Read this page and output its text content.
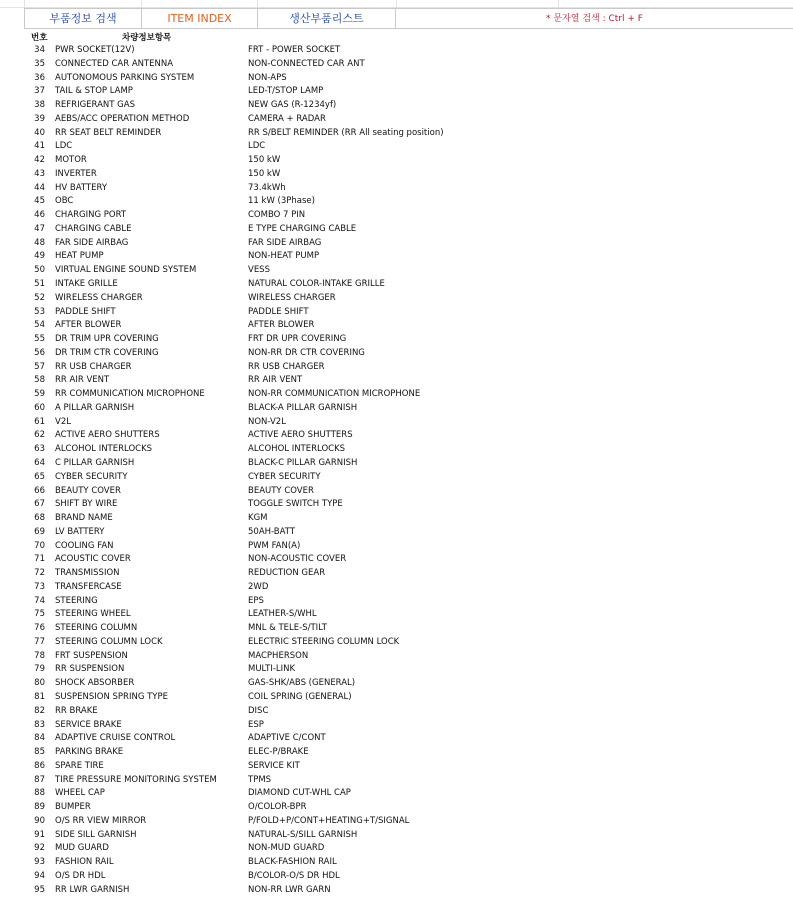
부품정보 검색	ITEM INDEX	생산부품리스트	* 문자열 검색 : Ctrl + F
번호	차량정보항목
34 PWR SOCKET(12V)	FRT - POWER SOCKET
35 CONNECTED CAR ANTENNA	NON-CONNECTED CAR ANT
36 AUTONOMOUS PARKING SYSTEM	NON-APS
37 TAIL & STOP LAMP	LED-T/STOP LAMP
38 REFRIGERANT GAS	NEW GAS (R-1234yf)
39 AEBS/ACC OPERATION METHOD	CAMERA + RADAR
40 RR SEAT BELT REMINDER	RR S/BELT REMINDER (RR All seating position)
41 LDC	LDC
42 MOTOR	150 kW
43 INVERTER	150 kW
44 HV BATTERY	73.4kWh
45 OBC	11 kW (3Phase)
46 CHARGING PORT	COMBO 7 PIN
47 CHARGING CABLE	E TYPE CHARGING CABLE
48 FAR SIDE AIRBAG	FAR SIDE AIRBAG
49 HEAT PUMP	NON-HEAT PUMP
50 VIRTUAL ENGINE SOUND SYSTEM	VESS
51 INTAKE GRILLE	NATURAL COLOR-INTAKE GRILLE
52 WIRELESS CHARGER	WIRELESS CHARGER
53 PADDLE SHIFT	PADDLE SHIFT
54 AFTER BLOWER	AFTER BLOWER
55 DR TRIM UPR COVERING	FRT DR UPR COVERING
56 DR TRIM CTR COVERING	NON-RR DR CTR COVERING
57 RR USB CHARGER	RR USB CHARGER
58 RR AIR VENT	RR AIR VENT
59 RR COMMUNICATION MICROPHONE	NON-RR COMMUNICATION MICROPHONE
60 A PILLAR GARNISH	BLACK-A PILLAR GARNISH
61 V2L	NON-V2L
62 ACTIVE AERO SHUTTERS	ACTIVE AERO SHUTTERS
63 ALCOHOL INTERLOCKS	ALCOHOL INTERLOCKS
64 C PILLAR GARNISH	BLACK-C PILLAR GARNISH
65 CYBER SECURITY	CYBER SECURITY
66 BEAUTY COVER	BEAUTY COVER
67 SHIFT BY WIRE	TOGGLE SWITCH TYPE
68 BRAND NAME	KGM
69 LV BATTERY	50AH-BATT
70 COOLING FAN	PWM FAN(A)
71 ACOUSTIC COVER	NON-ACOUSTIC COVER
72 TRANSMISSION	REDUCTION GEAR
73 TRANSFERCASE	2WD
74 STEERING	EPS
75 STEERING WHEEL	LEATHER-S/WHL
76 STEERING COLUMN	MNL & TELE-S/TILT
77 STEERING COLUMN LOCK	ELECTRIC STEERING COLUMN LOCK
78 FRT SUSPENSION	MACPHERSON
79 RR SUSPENSION	MULTI-LINK
80 SHOCK ABSORBER	GAS-SHK/ABS (GENERAL)
81 SUSPENSION SPRING TYPE	COIL SPRING (GENERAL)
82 RR BRAKE	DISC
83 SERVICE BRAKE	ESP
84 ADAPTIVE CRUISE CONTROL	ADAPTIVE C/CONT
85 PARKING BRAKE	ELEC-P/BRAKE
86 SPARE TIRE	SERVICE KIT
87 TIRE PRESSURE MONITORING SYSTEM	TPMS
88 WHEEL CAP	DIAMOND CUT-WHL CAP
89 BUMPER	O/COLOR-BPR
90 O/S RR VIEW MIRROR	P/FOLD+P/CONT+HEATING+T/SIGNAL
91 SIDE SILL GARNISH	NATURAL-S/SILL GARNISH
92 MUD GUARD	NON-MUD GUARD
93 FASHION RAIL	BLACK-FASHION RAIL
94 O/S DR HDL	B/COLOR-O/S DR HDL
95 RR LWR GARNISH	NON-RR LWR GARN
